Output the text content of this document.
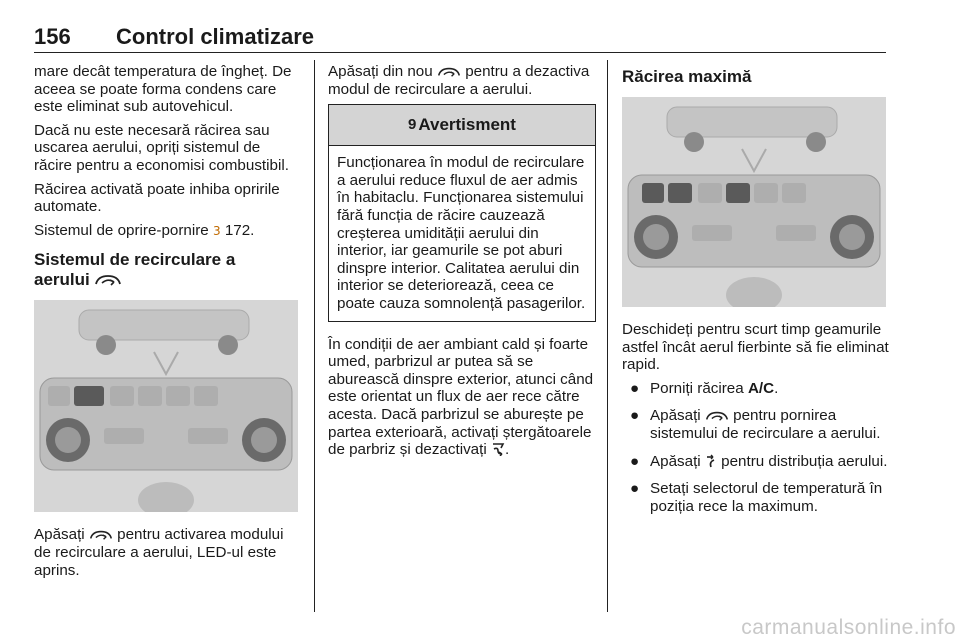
156 Control climatizare

mare decât temperatura de îngheț. De aceea se poate forma condens care este eliminat sub autovehicul.

Dacă nu este necesară răcirea sau uscarea aerului, opriți sistemul de răcire pentru a economisi combustibil.

Răcirea activată poate inhiba opririle automate.

Sistemul de oprire-pornire 3 172.

Sistemul de recirculare a
aerului

Apăsați pentru activarea modului de recirculare a aerului, LED-ul este aprins.

Apăsați din nou pentru a dezactiva modul de recirculare a aerului.

9 Avertisment

Funcționarea în modul de recirculare a aerului reduce fluxul de aer admis în habitaclu. Funcționarea sistemului fără funcția de răcire cauzează creșterea umidității aerului din interior, iar geamurile se pot aburi dinspre interior. Calitatea aerului din interior se deteriorează, ceea ce poate cauza somnolență pasagerilor.

În condiții de aer ambiant cald și foarte umed, parbrizul ar putea să se aburească dinspre exterior, atunci când este orientat un flux de aer rece către acesta. Dacă parbrizul se aburește pe partea exterioară, activați ștergătoarele de parbriz și dezactivați .

Răcirea maximă

Deschideți pentru scurt timp geamurile astfel încât aerul fierbinte să fie eliminat rapid.

● Porniți răcirea A/C.
● Apăsați pentru pornirea sistemului de recirculare a aerului.
● Apăsați pentru distribuția aerului.
● Setați selectorul de temperatură în poziția rece la maximum.
carmanualsonline.info
